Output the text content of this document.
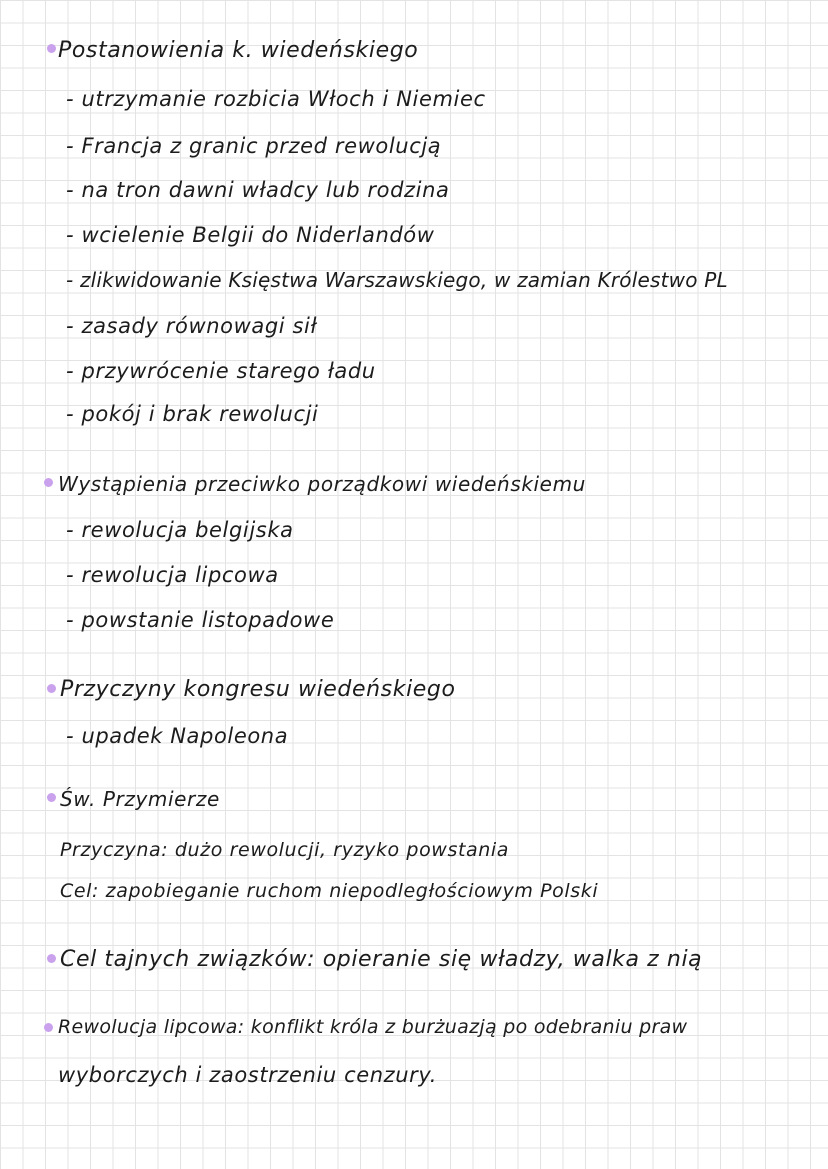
Postanowienia k. wiedeńskiego
- utrzymanie rozbicia Włoch i Niemiec
- Francja z granic przed rewolucją
- na tron dawni władcy lub rodzina
- wcielenie Belgii do Niderlandów
- zlikwidowanie Księstwa Warszawskiego, w zamian Królestwo PL
- zasady równowagi sił
- przywrócenie starego ładu
- pokój i brak rewolucji
Wystąpienia przeciwko porządkowi wiedeńskiemu
- rewolucja belgijska
- rewolucja lipcowa
- powstanie listopadowe
Przyczyny kongresu wiedeńskiego
- upadek Napoleona
Św. Przymierze
Przyczyna: dużo rewolucji, ryzyko powstania
Cel: zapobieganie ruchom niepodległościowym Polski
Cel tajnych związków: opieranie się władzy, walka z nią
Rewolucja lipcowa: konflikt króla z burżuazją po odebraniu praw
wyborczych i zaostrzeniu cenzury.
